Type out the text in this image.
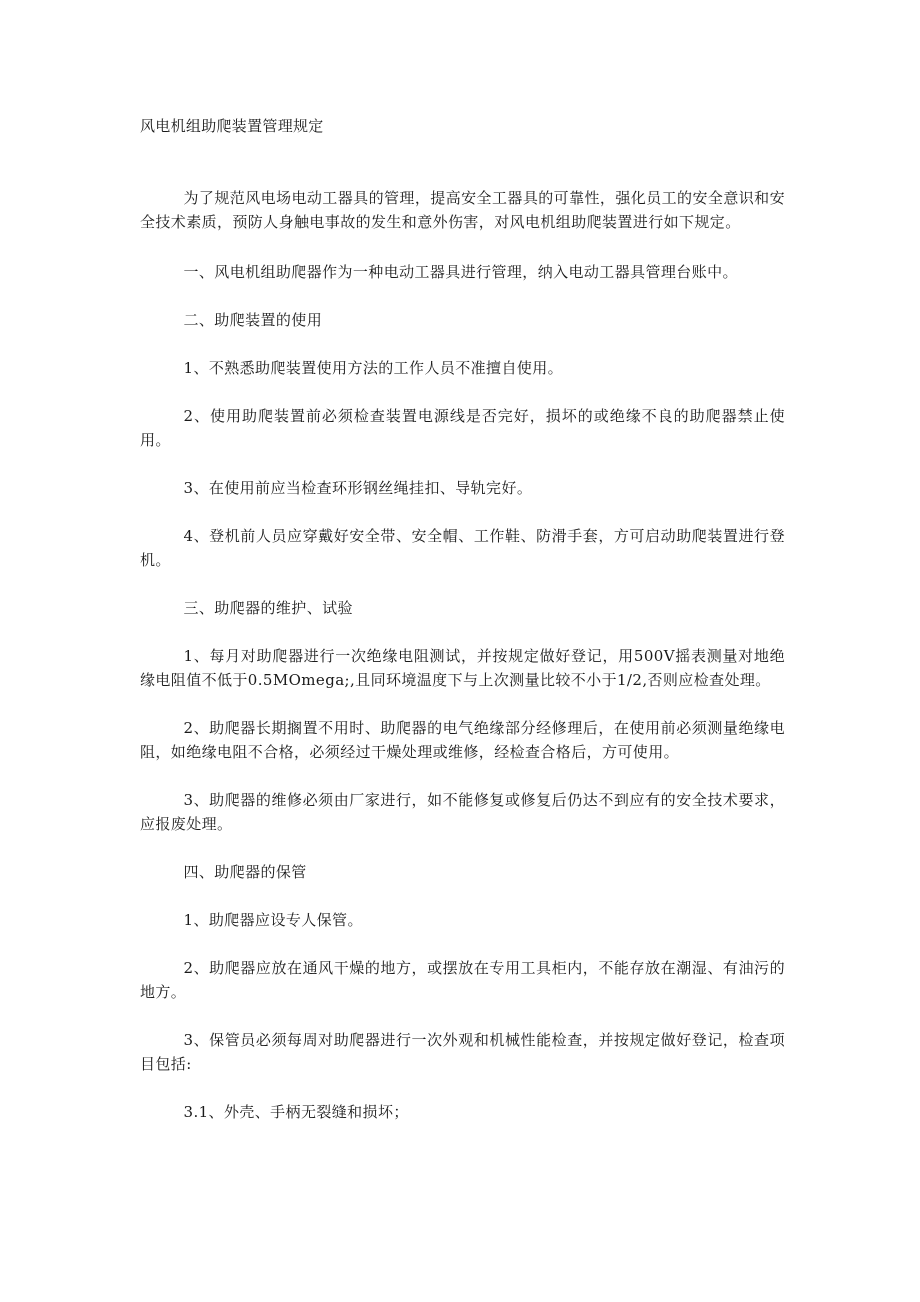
风电机组助爬装置管理规定

为了规范风电场电动工器具的管理，提高安全工器具的可靠性，强化员工的安全意识和安全技术素质，预防人身触电事故的发生和意外伤害，对风电机组助爬装置进行如下规定。

一、风电机组助爬器作为一种电动工器具进行管理，纳入电动工器具管理台账中。

二、助爬装置的使用

1、不熟悉助爬装置使用方法的工作人员不准擅自使用。

2、使用助爬装置前必须检查装置电源线是否完好，损坏的或绝缘不良的助爬器禁止使用。

3、在使用前应当检查环形钢丝绳挂扣、导轨完好。

4、登机前人员应穿戴好安全带、安全帽、工作鞋、防滑手套，方可启动助爬装置进行登机。

三、助爬器的维护、试验

1、每月对助爬器进行一次绝缘电阻测试，并按规定做好登记，用500V摇表测量对地绝缘电阻值不低于0.5MOmega;,且同环境温度下与上次测量比较不小于1/2,否则应检查处理。

2、助爬器长期搁置不用时、助爬器的电气绝缘部分经修理后，在使用前必须测量绝缘电阻，如绝缘电阻不合格，必须经过干燥处理或维修，经检查合格后，方可使用。

3、助爬器的维修必须由厂家进行，如不能修复或修复后仍达不到应有的安全技术要求，应报废处理。

四、助爬器的保管

1、助爬器应设专人保管。

2、助爬器应放在通风干燥的地方，或摆放在专用工具柜内，不能存放在潮湿、有油污的地方。

3、保管员必须每周对助爬器进行一次外观和机械性能检查，并按规定做好登记，检查项目包括:

3.1、外壳、手柄无裂缝和损坏；
